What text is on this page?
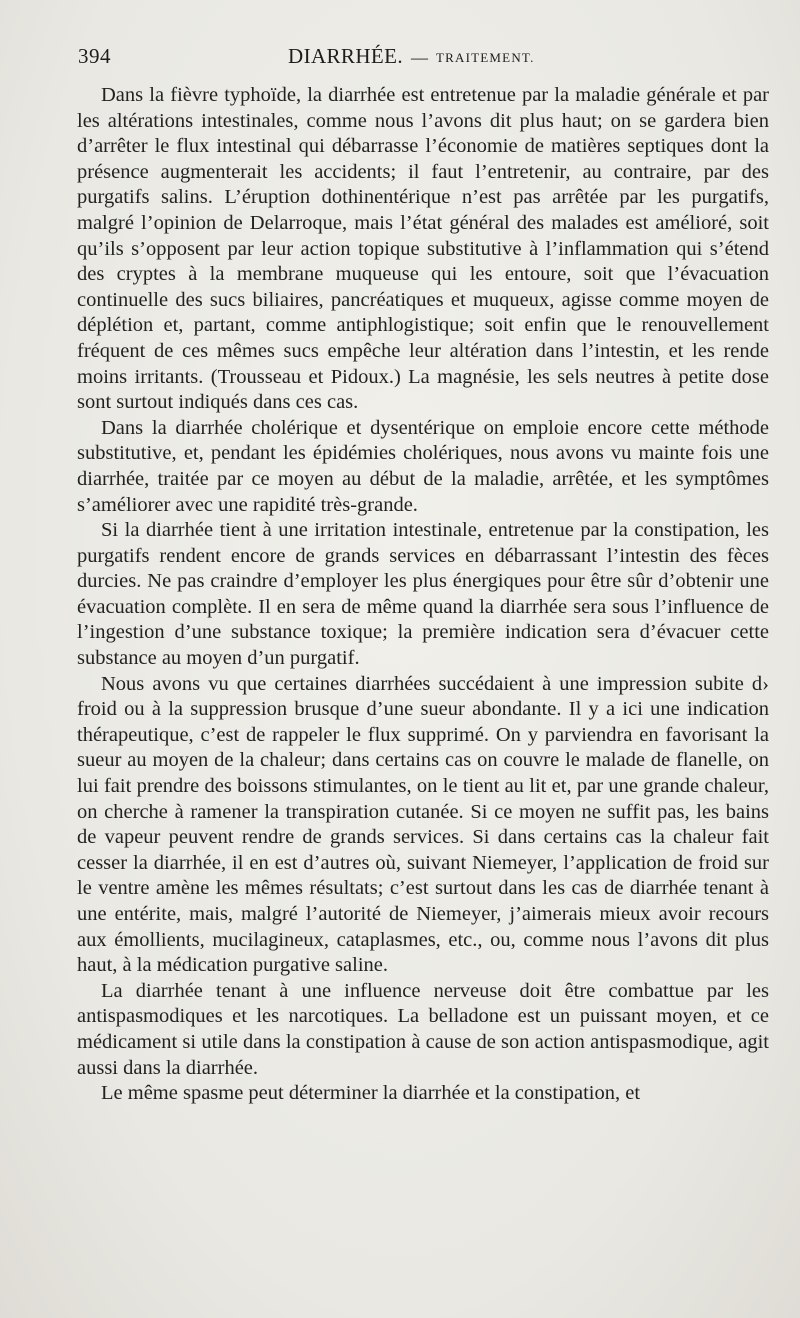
394	DIARRHÉE. — TRAITEMENT.

Dans la fièvre typhoïde, la diarrhée est entretenue par la maladie générale et par les altérations intestinales, comme nous l’avons dit plus haut; on se gardera bien d’arrêter le flux intestinal qui débarrasse l’économie de matières septiques dont la présence augmenterait les accidents; il faut l’entretenir, au contraire, par des purgatifs salins. L’éruption dothinentérique n’est pas arrêtée par les purgatifs, malgré l’opinion de Delarroque, mais l’état général des malades est amélioré, soit qu’ils s’opposent par leur action topique substitutive à l’inflammation qui s’étend des cryptes à la membrane muqueuse qui les entoure, soit que l’évacuation continuelle des sucs biliaires, pancréatiques et muqueux, agisse comme moyen de déplétion et, partant, comme antiphlogistique; soit enfin que le renouvellement fréquent de ces mêmes sucs empêche leur altération dans l’intestin, et les rende moins irritants. (Trousseau et Pidoux.) La magnésie, les sels neutres à petite dose sont surtout indiqués dans ces cas.

Dans la diarrhée cholérique et dysentérique on emploie encore cette méthode substitutive, et, pendant les épidémies cholériques, nous avons vu mainte fois une diarrhée, traitée par ce moyen au début de la maladie, arrêtée, et les symptômes s’améliorer avec une rapidité très-grande.

Si la diarrhée tient à une irritation intestinale, entretenue par la constipation, les purgatifs rendent encore de grands services en débarrassant l’intestin des fèces durcies. Ne pas craindre d’employer les plus énergiques pour être sûr d’obtenir une évacuation complète. Il en sera de même quand la diarrhée sera sous l’influence de l’ingestion d’une substance toxique; la première indication sera d’évacuer cette substance au moyen d’un purgatif.

Nous avons vu que certaines diarrhées succédaient à une impression subite d› froid ou à la suppression brusque d’une sueur abondante. Il y a ici une indication thérapeutique, c’est de rappeler le flux supprimé. On y parviendra en favorisant la sueur au moyen de la chaleur; dans certains cas on couvre le malade de flanelle, on lui fait prendre des boissons stimulantes, on le tient au lit et, par une grande chaleur, on cherche à ramener la transpiration cutanée. Si ce moyen ne suffit pas, les bains de vapeur peuvent rendre de grands services. Si dans certains cas la chaleur fait cesser la diarrhée, il en est d’autres où, suivant Niemeyer, l’application de froid sur le ventre amène les mêmes résultats; c’est surtout dans les cas de diarrhée tenant à une entérite, mais, malgré l’autorité de Niemeyer, j’aimerais mieux avoir recours aux émollients, mucilagineux, cataplasmes, etc., ou, comme nous l’avons dit plus haut, à la médication purgative saline.

La diarrhée tenant à une influence nerveuse doit être combattue par les antispasmodiques et les narcotiques. La belladone est un puissant moyen, et ce médicament si utile dans la constipation à cause de son action antispasmodique, agit aussi dans la diarrhée.

Le même spasme peut déterminer la diarrhée et la constipation, et
